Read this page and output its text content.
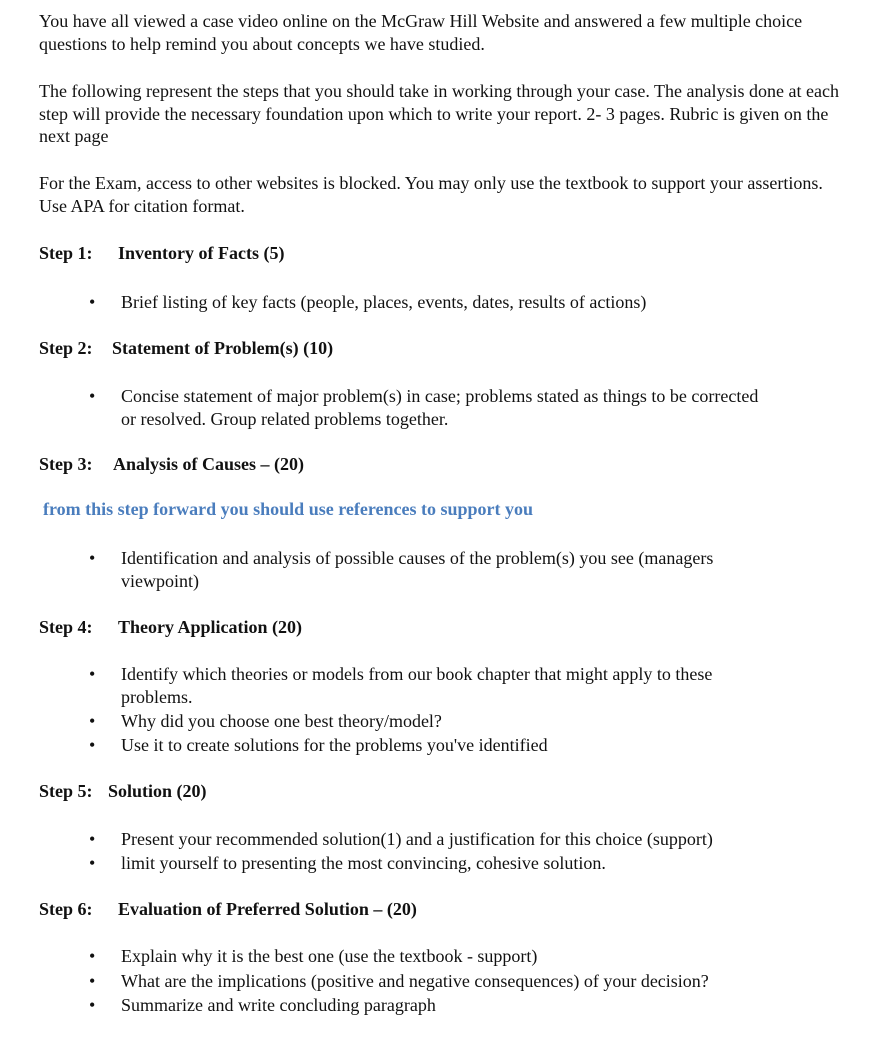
You have all viewed a case video online on the McGraw Hill Website and answered a few multiple choice questions to help remind you about concepts we have studied.

The following represent the steps that you should take in working through your case. The analysis done at each step will provide the necessary foundation upon which to write your report. 2- 3 pages. Rubric is given on the next page

For the Exam, access to other websites is blocked. You may only use the textbook to support your assertions. Use APA for citation format.

Step 1: Inventory of Facts (5)

• Brief listing of key facts (people, places, events, dates, results of actions)

Step 2: Statement of Problem(s) (10)

• Concise statement of major problem(s) in case; problems stated as things to be corrected or resolved. Group related problems together.

Step 3: Analysis of Causes – (20)

from this step forward you should use references to support you

• Identification and analysis of possible causes of the problem(s) you see (managers viewpoint)

Step 4: Theory Application (20)

• Identify which theories or models from our book chapter that might apply to these problems.
• Why did you choose one best theory/model?
• Use it to create solutions for the problems you've identified

Step 5: Solution (20)

• Present your recommended solution(1) and a justification for this choice (support)
• limit yourself to presenting the most convincing, cohesive solution.

Step 6: Evaluation of Preferred Solution – (20)

• Explain why it is the best one (use the textbook - support)
• What are the implications (positive and negative consequences) of your decision?
• Summarize and write concluding paragraph
